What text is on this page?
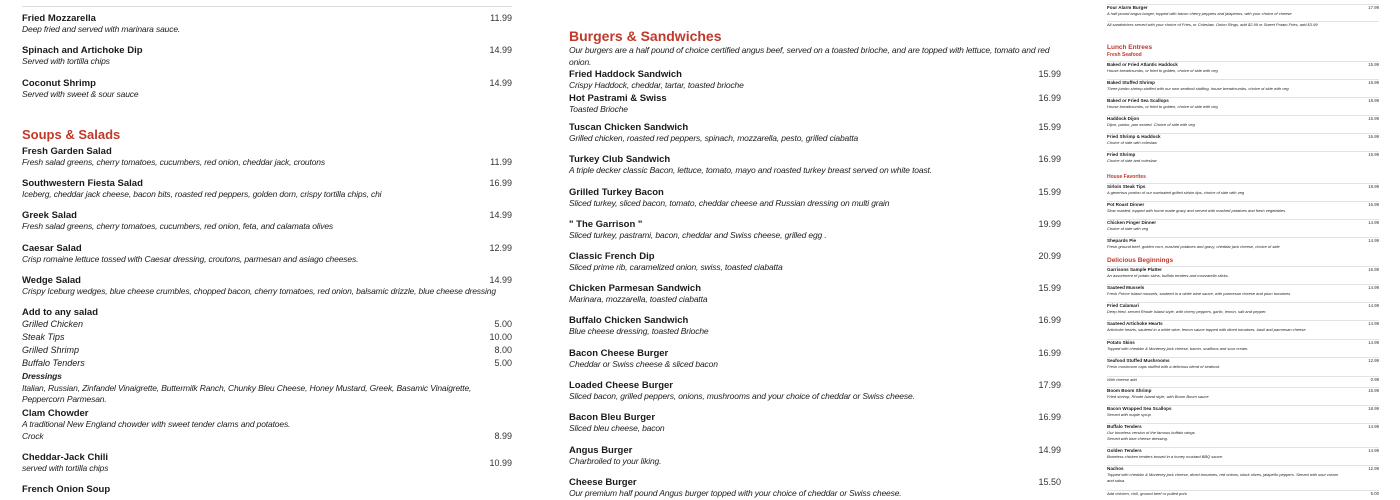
Fried Mozzarella
Deep fried and served with marinara sauce.
11.99
Spinach and Artichoke Dip
Served with tortilla chips
14.99
Coconut Shrimp
Served with sweet & sour sauce
14.99
Soups & Salads
Fresh Garden Salad
Fresh salad greens, cherry tomatoes, cucumbers, red onion, cheddar jack, croutons	11.99
Southwestern Fiesta Salad
Iceberg, cheddar jack cheese, bacon bits, roasted red peppers, golden dorn, crispy tortilla chips, chi
16.99
Greek Salad
Fresh salad greens, cherry tomatoes, cucumbers, red onion, feta, and calamata olives
14.99
Caesar Salad
Crisp romaine lettuce tossed with Caesar dressing, croutons, parmesan and asiago cheeses.
12.99
Wedge Salad
Crispy Iceburg wedges, blue cheese crumbles, chopped bacon, cherry tomatoes, red onion, balsamic drizzle, blue cheese dressing
14.99
Add to any salad
Grilled Chicken	5.00
Steak Tips	10.00
Grilled Shrimp	8.00
Buffalo Tenders	5.00
Dressings
Italian, Russian, Zinfandel Vinaigrette, Buttermilk Ranch, Chunky Bleu Cheese, Honey Mustard, Greek, Basamic Vinaigrette, Peppercorn Parmesan.
Clam Chowder
A traditional New England chowder with sweet tender clams and potatoes.
Crock	8.99
Cheddar-Jack Chili
served with tortilla chips	10.99
French Onion Soup
Burgers & Sandwiches
Our burgers are a half pound of choice certified angus beef, served on a toasted brioche, and are topped with lettuce, tomato and red onion.
Fried Haddock Sandwich
Crispy Haddock, cheddar, tartar, toasted brioche
15.99
Hot Pastrami & Swiss
Toasted Brioche
16.99
Tuscan Chicken Sandwich
Grilled chicken, roasted red peppers, spinach, mozzarella, pesto, grilled ciabatta
15.99
Turkey Club Sandwich
A triple decker classic Bacon, lettuce, tomato, mayo and roasted turkey breast served on white toast.
16.99
Grilled Turkey Bacon
Sliced turkey, sliced bacon, tomato, cheddar cheese and Russian dressing on multi grain
15.99
" The Garrison "
Sliced turkey, pastrami, bacon, cheddar and Swiss cheese, grilled egg .
19.99
Classic French Dip
Sliced prime rib, caramelized onion, swiss, toasted ciabatta
20.99
Chicken Parmesan Sandwich
Marinara, mozzarella, toasted ciabatta
15.99
Buffalo Chicken Sandwich
Blue cheese dressing, toasted Brioche
16.99
Bacon Cheese Burger
Cheddar or Swiss cheese & sliced bacon
16.99
Loaded Cheese Burger
Sliced bacon, grilled peppers, onions, mushrooms and your choice of cheddar or Swiss cheese.
17.99
Bacon Bleu Burger
Sliced bleu cheese, bacon
16.99
Angus Burger
Charbroiled to your liking.
14.99
Cheese Burger
Our premium half pound Angus burger topped with your choice of cheddar or Swiss cheese.
15.50
Four Alarm Burger
A half pound angus burger, topped with bacon cherry peppers and jalapenos, with your choice of cheese
17.99
All sandwiches served with your choice of Fries, or Coleslaw. Onion Rings, add $2.99 or Sweet Potato Fries, add $3.99
Lunch Entrees
Fresh Seafood
Baked or Fried Atlantic Haddock
House breadcrumbs, or fried to golden, choice of side with veg
15.99
Baked Stuffed Shrimp
Three jumbo shrimp stuffed with our own seafood stuffing, house breadcrumbs, choice of side with veg
16.99
Baked or Fried Sea Scallops
House breadcrumbs, or fried to golden, choice of side with veg
18.99
Haddock Dijon
Dijon, panko, pan seared. Choice of side with veg
15.99
Fried Shrimp & Haddock
Choice of side with coleslaw
16.99
Fried Shrimp
Choice of side and coleslaw
15.99
House Favorites
Sirloin Steak Tips
A generous portion of our marinated grilled sirloin tips, choice of side with veg
18.99
Pot Roast Dinner
Slow roasted, topped with home made gravy and served with mashed potatoes and fresh vegetables
16.99
Chicken Finger Dinner
Choice of side with veg
14.99
Shepards Pie
Fresh ground beef, golden corn, mashed potatoes and gravy, cheddar jack cheese, choice of side
14.99
Delicious Beginnings
Garrisons Sample Platter
An assortment of potato skins, buffalo tenders and mozzarella sticks.
16.99
Sauteed Mussels
Fresh Prince Island mussels, sauteed in a white wine sauce, with parmesan cheese and plum tomatoes
14.99
Fried Calamari
Deep fried, served Rhode Island style, with cherry peppers, garlic, lemon, salt and pepper.
14.99
Sauteed Artichoke Hearts
Artichoke hearts, sauteed in a white wine, lemon sauce topped with diced tomatoes, basil and parmesan cheese
14.99
Potato Skins
Topped with cheddar & Monterey jack cheese, bacon, scallions and sour cream.
14.99
Seafood Stuffed Mushrooms
Fresh mushroom caps stuffed with a delicious blend of seafood.
12.99
With cheese add	0.99
Boom Boom Shrimp
Fried shrimp, Rhode Island style, with Boom Boom sauce
15.99
Bacon Wrapped Sea Scallops
Served with maple syrup
18.99
Buffalo Tenders
Our boneless version of the famous buffalo wings.
Served with blue cheese dressing.
14.99
Golden Tenders
Boneless chicken tenders tossed in a honey mustard BBQ sauce.
14.99
Nachos
Topped with cheddar & Monterey jack cheese, diced tomatoes, red onions, black olives, jalapeño peppers. Served with sour cream
and salsa.
12.99
Add chicken, chili, ground beef or pulled pork	5.00
